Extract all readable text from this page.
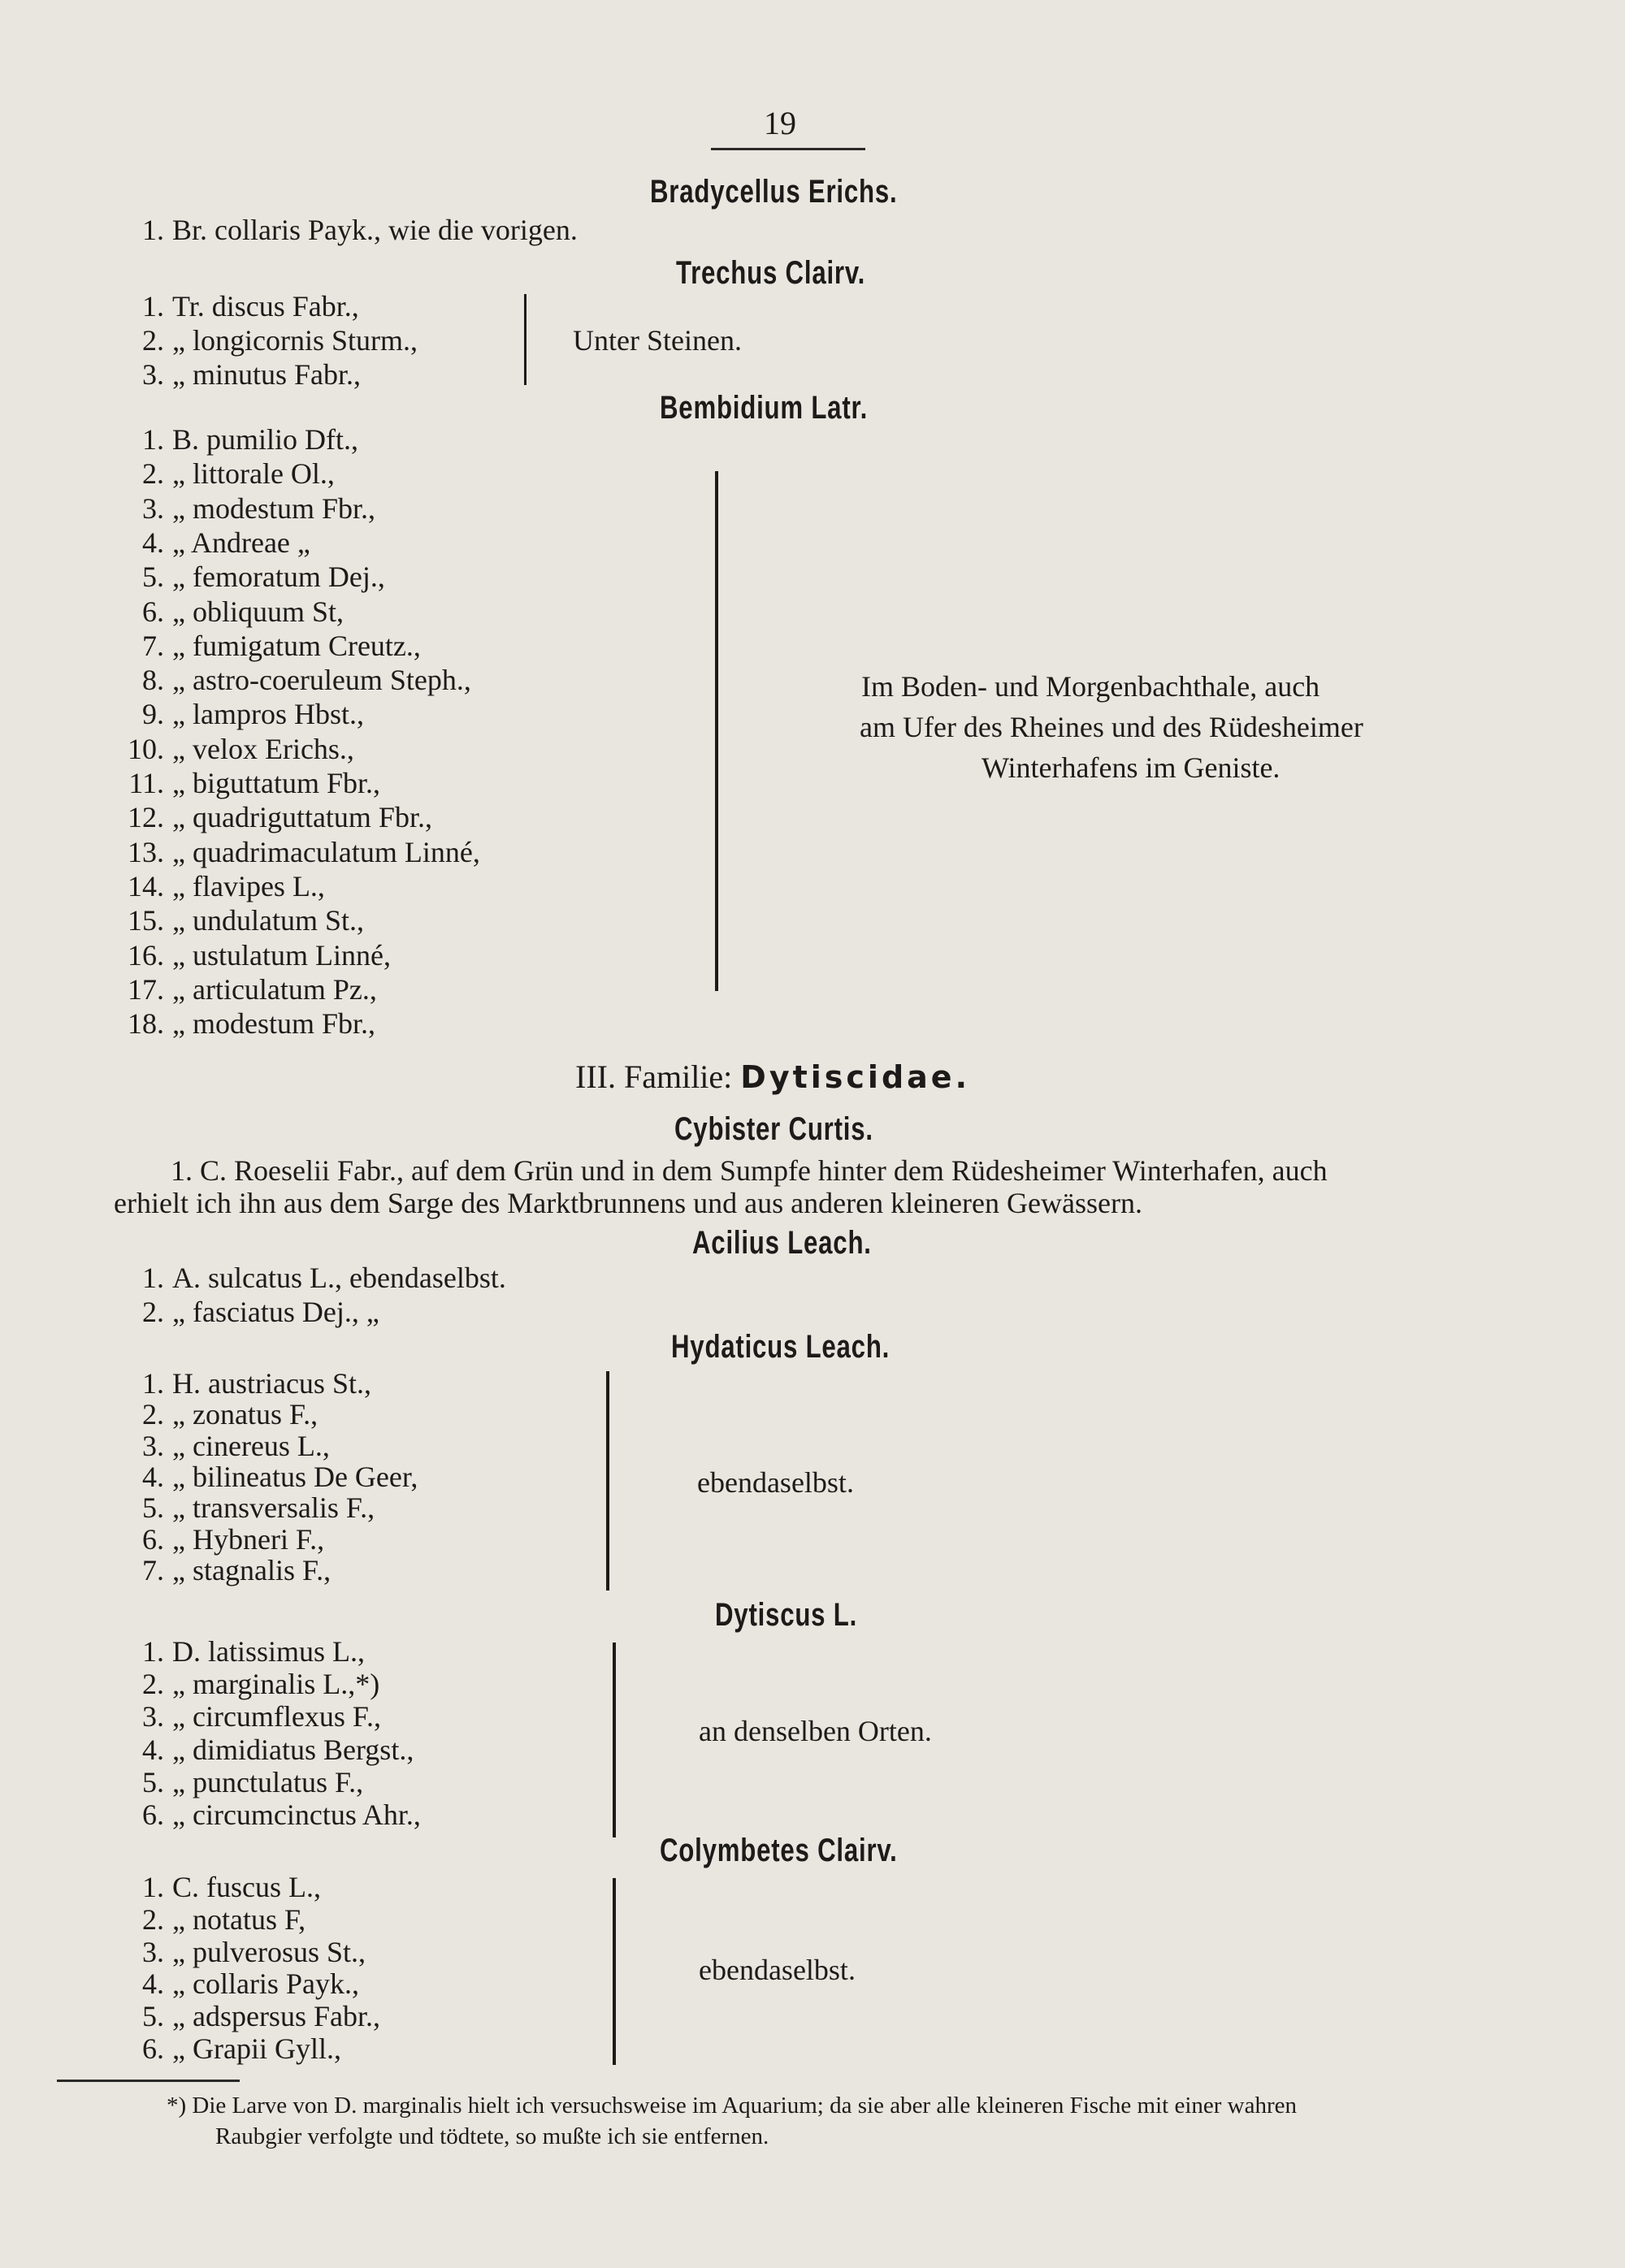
19
Bradycellus Erichs.
1. Br. collaris Payk., wie die vorigen.
Trechus Clairv.
1. Tr. discus Fabr.,
2. „ longicornis Sturm.,
3. „ minutus Fabr.,
Unter Steinen.
Bembidium Latr.
1. B. pumilio Dft.,
2. „ littorale Ol.,
3. „ modestum Fbr.,
4. „ Andreae „
5. „ femoratum Dej.,
6. „ obliquum St,
7. „ fumigatum Creutz.,
8. „ astro-coeruleum Steph.,
9. „ lampros Hbst.,
10. „ velox Erichs.,
11. „ biguttatum Fbr.,
12. „ quadriguttatum Fbr.,
13. „ quadrimaculatum Linné,
14. „ flavipes L.,
15. „ undulatum St.,
16. „ ustulatum Linné,
17. „ articulatum Pz.,
18. „ modestum Fbr.,
Im Boden- und Morgenbachthale, auch
am Ufer des Rheines und des Rüdesheimer
Winterhafens im Geniste.
III. Familie: Dytiscidae.
Cybister Curtis.
1. C. Roeselii Fabr., auf dem Grün und in dem Sumpfe hinter dem Rüdesheimer Winterhafen, auch
erhielt ich ihn aus dem Sarge des Marktbrunnens und aus anderen kleineren Gewässern.
Acilius Leach.
1. A. sulcatus L., ebendaselbst.
2. „ fasciatus Dej., „
Hydaticus Leach.
1. H. austriacus St.,
2. „ zonatus F.,
3. „ cinereus L.,
4. „ bilineatus De Geer,
5. „ transversalis F.,
6. „ Hybneri F.,
7. „ stagnalis F.,
ebendaselbst.
Dytiscus L.
1. D. latissimus L.,
2. „ marginalis L.,*)
3. „ circumflexus F.,
4. „ dimidiatus Bergst.,
5. „ punctulatus F.,
6. „ circumcinctus Ahr.,
an denselben Orten.
Colymbetes Clairv.
1. C. fuscus L.,
2. „ notatus F,
3. „ pulverosus St.,
4. „ collaris Payk.,
5. „ adspersus Fabr.,
6. „ Grapii Gyll.,
ebendaselbst.
*) Die Larve von D. marginalis hielt ich versuchsweise im Aquarium; da sie aber alle kleineren Fische mit einer wahren
Raubgier verfolgte und tödtete, so mußte ich sie entfernen.
